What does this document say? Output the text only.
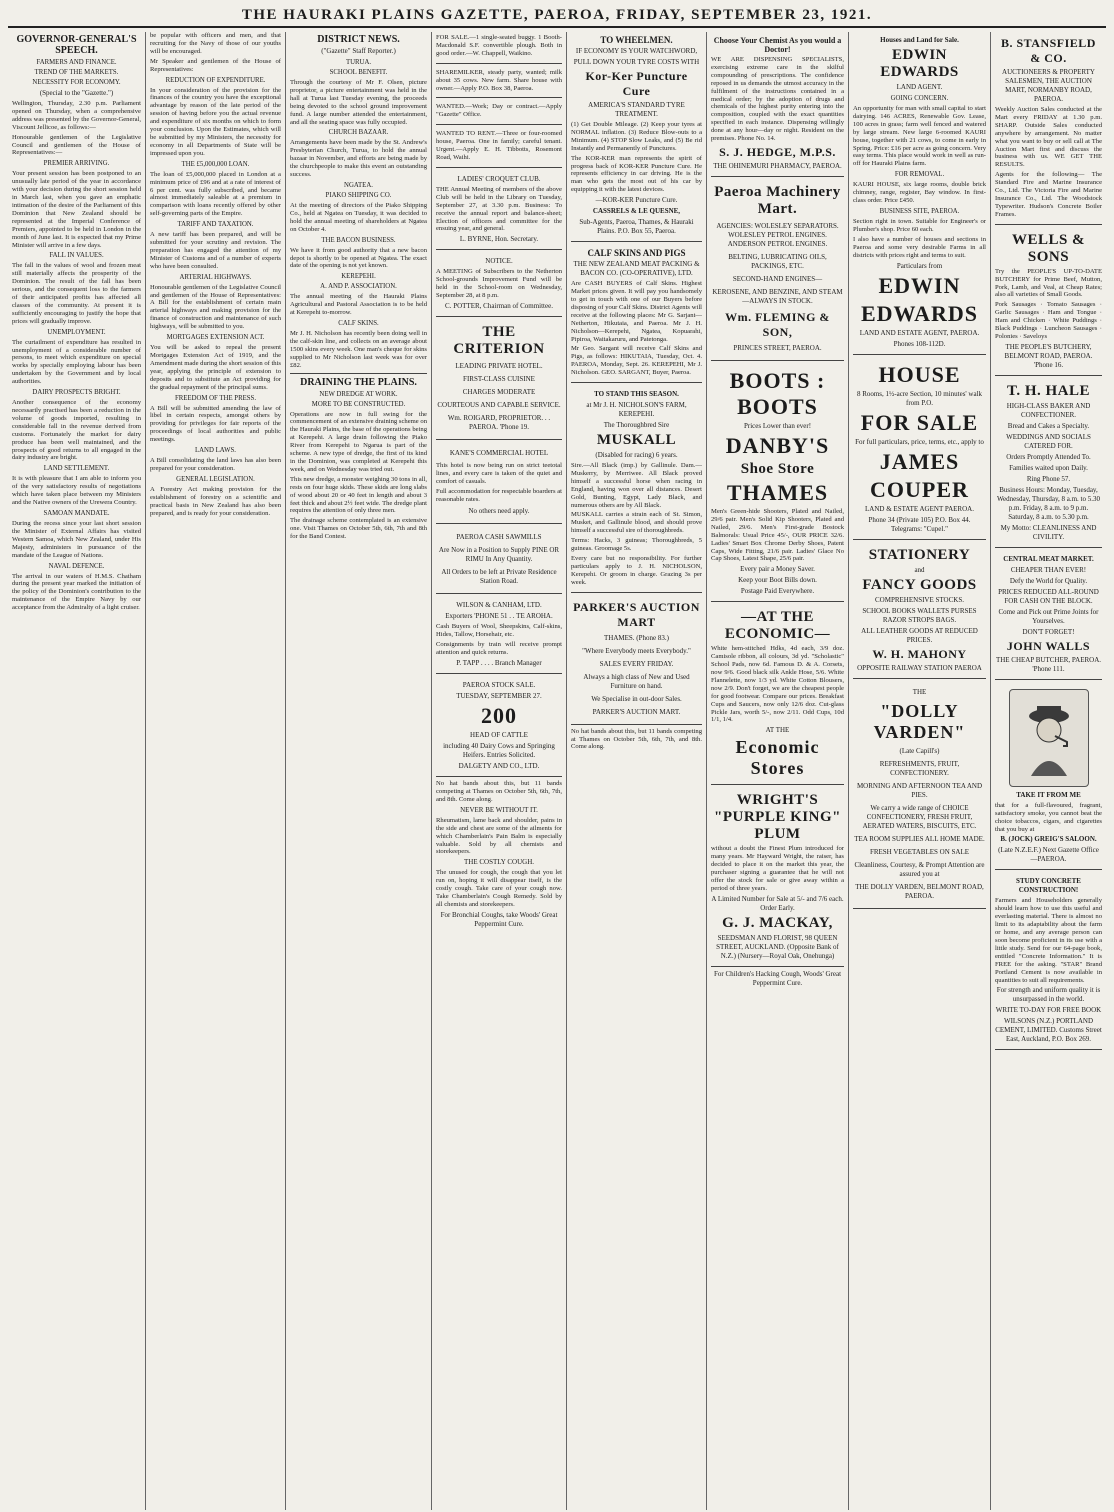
THE HAURAKI PLAINS GAZETTE, PAEROA, FRIDAY, SEPTEMBER 23, 1921.
GOVERNOR-GENERAL'S SPEECH.
FARMERS AND FINANCE.
TREND OF THE MARKETS.
NECESSITY FOR ECONOMY.
(Special to the "Gazette.")

Wellington, Thursday, 2.30 p.m. Parliament opened on Thursday, when a comprehensive address was presented by the Governor-General, Viscount Jellicoe, as follows:—

Honourable gentlemen of the Legislative Council and gentlemen of the House of Representatives:—

PREMIER ARRIVING.

Your present session has been postponed to an unusually late period of the year in accordance with your decision during the short session held in March last, when you gave an emphatic intimation of the desire of the Parliament of this Dominion that New Zealand should be represented at the Imperial Conference of Premiers, appointed to be held in London in the month of June last. It is expected that my Prime Minister will arrive in a few days.

FALL IN VALUES.

The fall in the values of wool and frozen meat still materially affects the prosperity of the Dominion. The result of the fall has been serious, and the consequent loss to the farmers of their anticipated profits has affected all classes of the community. At present it is sufficiently encouraging to justify the hope that prices will gradually improve.

UNEMPLOYMENT.

The curtailment of expenditure has resulted in unemployment of a considerable number of persons, to meet which expenditure on special works by specially employing labour has been undertaken by the Government and by local authorities.

DAIRY PROSPECTS BRIGHT.

Another consequence of the economy necessarily practised has been a reduction in the volume of goods imported, resulting in considerable fall in the revenue derived from customs. Fortunately the market for dairy produce has been well maintained, and the prospects of good returns to all engaged in the dairy industry are bright.

LAND SETTLEMENT.

It is with pleasure that I am able to inform you of the very satisfactory results of negotiations which have taken place between my Ministers and the Native owners of the Urewera Country.

SAMOAN MANDATE.

During the recess since your last short session the Minister of External Affairs has visited Western Samoa, which New Zealand, under His Majesty, administers in pursuance of the mandate of the League of Nations.

NAVAL DEFENCE.

The arrival in our waters of H.M.S. Chatham during the present year marked the initiation of the policy of the Dominion's contribution to the maintenance of the Empire Navy by our acceptance from the Admiralty of a light cruiser.

be popular with officers and men, and that recruiting for the Navy of those of our youths will be encouraged.

Mr Speaker and gentlemen of the House of Representatives:

REDUCTION OF EXPENDITURE.

In your consideration of the provision for the finances of the country you have the exceptional advantage by reason of the late period of the session of having before you the actual revenue and expenditure of six months on which to form your conclusion. Upon the Estimates, which will be submitted by my Ministers, the necessity for economy in all Departments of State will be impressed upon you.

THE £5,000,000 LOAN.

The loan of £5,000,000 placed in London at a minimum price of £96 and at a rate of interest of 6 per cent. was fully subscribed, and became almost immediately saleable at a premium in comparison with loans recently offered by other self-governing parts of the Empire.

TARIFF AND TAXATION.

A new tariff has been prepared, and will be submitted for your scrutiny and revision. The preparation has engaged the attention of my Minister of Customs and of a number of experts who have been consulted.

ARTERIAL HIGHWAYS.

Honourable gentlemen of the Legislative Council and gentlemen of the House of Representatives: A Bill for the establishment of certain main arterial highways and making provision for the finance of construction and maintenance of such highways, will be submitted to you.

MORTGAGES EXTENSION ACT.

You will be asked to repeal the present Mortgages Extension Act of 1919, and the Amendment made during the short session of this year, applying the principle of extension to deposits and to substitute an Act providing for the gradual repayment of the principal sums.

FREEDOM OF THE PRESS.

A Bill will be submitted amending the law of libel in certain respects, amongst others by providing for privileges for fair reports of the proceedings of local authorities and public meetings.

LAND LAWS.

A Bill consolidating the land laws has also been prepared for your consideration.

GENERAL LEGISLATION.

A Forestry Act making provision for the establishment of forestry on a scientific and practical basis in New Zealand has also been prepared, and is ready for your consideration.

DISTRICT NEWS.
("Gazette" Staff Reporter.)
TURUA.
SCHOOL BENEFIT.

Through the courtesy of Mr F. Olsen, picture proprietor, a picture entertainment was held in the hall at Turua last Tuesday evening, the proceeds being devoted to the school ground improvement fund. A large number attended the entertainment, and all the seating space was fully occupied.

CHURCH BAZAAR.

Arrangements have been made by the St. Andrew's Presbyterian Church, Turua, to hold the annual bazaar in November, and efforts are being made by the churchpeople to make this event an outstanding success.

NGATEA.
PIAKO SHIPPING CO.

At the meeting of directors of the Piako Shipping Co., held at Ngatea on Tuesday, it was decided to hold the annual meeting of shareholders at Ngatea on October 4.

THE BACON BUSINESS.

We have it from good authority that a new bacon depot is shortly to be opened at Ngatea. The exact date of the opening is not yet known.

KEREPEHI.
A. AND P. ASSOCIATION.

The annual meeting of the Hauraki Plains Agricultural and Pastoral Association is to be held at Kerepehi to-morrow.

CALF SKINS.

Mr J. H. Nicholson has recently been doing well in the calf-skin line, and collects on an average about 1500 skins every week. One man's cheque for skins supplied to Mr Nicholson last week was for over £82.

DRAINING THE PLAINS.
NEW DREDGE AT WORK.
MORE TO BE CONSTRUCTED.

Operations are now in full swing for the commencement of an extensive draining scheme on the Hauraki Plains, the base of the operations being at Kerepehi. A large drain following the Piako River from Kerepehi to Ngarua is part of the scheme. A new type of dredge, the first of its kind in the Dominion, was completed at Kerepehi this week, and on Wednesday was tried out.

This new dredge, a monster weighing 30 tons in all, rests on four huge skids. These skids are long slabs of wood about 20 or 40 feet in length and about 3 feet thick and about 2½ feet wide. The dredge plant requires the attention of only three men.

The drainage scheme contemplated is an extensive one. Visit Thames on October 5th, 6th, 7th and 8th for the Band Contest.

FOR SALE.—1 single-seated buggy. 1 Booth-Macdonald S.F. convertible plough. Both in good order.—W. Chappell, Waikino.

SHAREMILKER, steady party, wanted; milk about 35 cows. New farm. Share house with owner.—Apply P.O. Box 38, Paeroa.

WANTED.—Work; Day or contract.—Apply "Gazette" Office.

WANTED TO RENT.—Three or four-roomed house, Paeroa. One in family; careful tenant. Urgent.—Apply E. H. Tibbotts, Rosemont Road, Waihi.

LADIES' CROQUET CLUB.

THE Annual Meeting of members of the above Club will be held in the Library on Tuesday, September 27, at 3.30 p.m. Business: To receive the annual report and balance-sheet; Election of officers and committee for the ensuing year, and general.

L. BYRNE, Hon. Secretary.
NOTICE.

A MEETING of Subscribers to the Netherton School-grounds Improvement Fund will be held in the School-room on Wednesday, September 28, at 8 p.m.

C. POTTER, Chairman of Committee.
THE CRITERION
LEADING PRIVATE HOTEL.
FIRST-CLASS CUISINE
CHARGES MODERATE
COURTEOUS AND CAPABLE SERVICE.
Wm. ROIGARD, PROPRIETOR. . . PAEROA. 'Phone 19.
KANE'S COMMERCIAL HOTEL

This hotel is now being run on strict teetotal lines, and every care is taken of the quiet and comfort of casuals.

Full accommodation for respectable boarders at reasonable rates.

No others need apply.
PAEROA CASH SAWMILLS
Are Now in a Position to Supply PINE OR RIMU In Any Quantity.
All Orders to be left at Private Residence Station Road.
WILSON & CANHAM, LTD.
Exporters 'PHONE 51 . . TE AROHA.

Cash Buyers of Wool, Sheepskins, Calf-skins, Hides, Tallow, Horsehair, etc.

Consignments by train will receive prompt attention and quick returns.

P. TAPP . . . . Branch Manager
PAEROA STOCK SALE.
TUESDAY, SEPTEMBER 27.
200
HEAD OF CATTLE
including 40 Dairy Cows and Springing Heifers. Entries Solicited.
DALGETY AND CO., LTD.

No hat bands about this, but 11 bands competing at Thames on October 5th, 6th, 7th, and 8th. Come along.

NEVER BE WITHOUT IT.

Rheumatism, lame back and shoulder, pains in the side and chest are some of the ailments for which Chamberlain's Pain Balm is especially valuable. Sold by all chemists and storekeepers.

THE COSTLY COUGH.

The unused for cough, the cough that you let run on, hoping it will disappear itself, is the costly cough. Take care of your cough now. Take Chamberlain's Cough Remedy. Sold by all chemists and storekeepers.

For Bronchial Coughs, take Woods' Great Peppermint Cure.
TO WHEELMEN.
IF ECONOMY IS YOUR WATCHWORD,
PULL DOWN YOUR TYRE COSTS WITH
Kor-Ker Puncture Cure
AMERICA'S STANDARD TYRE TREATMENT.

(1) Get Double Mileage. (2) Keep your tyres at NORMAL inflation. (3) Reduce Blow-outs to a Minimum. (4) STOP Slow Leaks, and (5) Be rid Instantly and Permanently of Punctures.

The KOR-KER man represents the spirit of progress back of KOR-KER Puncture Cure. He represents efficiency in car driving. He is the man who gets the most out of his car by equipping it with the latest devices.

—KOR-KER Puncture Cure.
CASSRELS & LE QUESNE,
Sub-Agents, Paeroa, Thames, & Hauraki Plains. P.O. Box 55, Paeroa.
CALF SKINS AND PIGS
THE NEW ZEALAND MEAT PACKING & BACON CO. (CO-OPERATIVE), LTD.

Are CASH BUYERS of Calf Skins. Highest Market prices given. It will pay you handsomely to get in touch with one of our Buyers before disposing of your Calf Skins. District Agents will receive at the following places: Mr G. Sarjant—Netherton, Hikutaia, and Paeroa. Mr J. H. Nicholson—Kerepehi, Ngatea, Kopuarahi, Pipiroa, Waitakaruru, and Patetonga.

Mr Geo. Sargant will receive Calf Skins and Pigs, as follows: HIKUTAIA, Tuesday, Oct. 4. PAEROA, Monday, Sept. 26. KEREPEHI, Mr J. Nicholson. GEO. SARGANT, Buyer, Paeroa.

TO STAND THIS SEASON.
at Mr J. H. NICHOLSON'S FARM, KEREPEHI.
The Thoroughbred Sire
MUSKALL
(Disabled for racing) 6 years.

Sire.—All Black (imp.) by Gallinule. Dam.—Muskerry, by Merriwee. All Black proved himself a successful horse when racing in England, having won over all distances. Desert Gold, Bunting, Egypt, Lady Black, and numerous others are by All Black.

MUSKALL carries a strain each of St. Simon, Musket, and Gallinule blood, and should prove himself a successful sire of thoroughbreds.

Terms: Hacks, 3 guineas; Thoroughbreds, 5 guineas. Groomage 5s.

Every care but no responsibility. For further particulars apply to J. H. NICHOLSON, Kerepehi. Or groom in charge. Grazing 3s per week.

PARKER'S AUCTION MART
THAMES. (Phone 83.)
"Where Everybody meets Everybody."
SALES EVERY FRIDAY.
Always a high class of New and Used Furniture on hand.
We Specialise in out-door Sales.
PARKER'S AUCTION MART.

No hat bands about this, but 11 bands competing at Thames on October 5th, 6th, 7th, and 8th. Come along.

Choose Your Chemist As you would a Doctor!

WE ARE DISPENSING SPECIALISTS, exercising extreme care in the skilful compounding of prescriptions. The confidence reposed in us demands the utmost accuracy in the fulfilment of the instructions contained in a medical order; by the adoption of drugs and chemicals of the highest purity entering into the composition, coupled with the exact quantities specified in each instance. Dispensing willingly done at any hour—day or night. Resident on the premises. Phone No. 14.

S. J. HEDGE, M.P.S.
THE OHINEMURI PHARMACY, PAEROA.
Paeroa Machinery Mart.
AGENCIES: WOLESLEY SEPARATORS. WOLESLEY PETROL ENGINES. ANDERSON PETROL ENGINES.
BELTING, LUBRICATING OILS, PACKINGS, ETC.
SECOND-HAND ENGINES—
KEROSENE, AND BENZINE, AND STEAM—ALWAYS IN STOCK.
Wm. FLEMING & SON,
PRINCES STREET, PAEROA.
BOOTS : BOOTS
Prices Lower than ever!
DANBY'S
Shoe Store
THAMES

Men's Green-hide Shooters, Plated and Nailed, 29/6 pair. Men's Solid Kip Shooters, Plated and Nailed, 29/6. Men's First-grade Bostock Balmorals: Usual Price 45/-, OUR PRICE 32/6. Ladies' Smart Box Chrome Derby Shoes, Patent Caps, Wide Fitting, 21/6 pair. Ladies' Glace No Cap Shoes, Latest Shape, 25/6 pair.

Every pair a Money Saver.
Keep your Boot Bills down.
Postage Paid Everywhere.
—AT THE ECONOMIC—

White hem-stitched Hdks, 4d each, 3/9 doz. Camisole ribbon, all colours, 3d yd. "Scholastic" School Pads, now 6d. Famous D. & A. Corsets, now 9/6. Good black silk Ankle Hose, 5/6. White Flannelette, now 1/3 yd. White Cotton Blousers, now 2/9. Don't forget, we are the cheapest people for good footwear. Compare our prices. Breakfast Cups and Saucers, now only 12/6 doz. Cut-glass Pickle Jars, worth 5/-, now 2/11. Odd Cups, 10d 1/1, 1/4.

AT THE
Economic Stores
WRIGHT'S "PURPLE KING" PLUM

without a doubt the Finest Plum introduced for many years. Mr Hayward Wright, the raiser, has decided to place it on the market this year, the purchaser signing a guarantee that he will not offer the stock for sale or give away within a period of three years.

A Limited Number for Sale at 5/- and 7/6 each. Order Early.
G. J. MACKAY,
SEEDSMAN AND FLORIST, 98 QUEEN STREET, AUCKLAND. (Opposite Bank of N.Z.) (Nursery—Royal Oak, Onehunga)
For Children's Hacking Cough, Woods' Great Peppermint Cure.
Houses and Land for Sale.
EDWIN EDWARDS
LAND AGENT.
GOING CONCERN.

An opportunity for man with small capital to start dairying. 146 ACRES, Renewable Gov. Lease, 100 acres in grass; farm well fenced and watered by large stream. New large 6-roomed KAURI house, together with 21 cows, to come in early in Spring. Price: £16 per acre as going concern. Very easy terms. This place would work in well as run-off for Hauraki Plains farm.

FOR REMOVAL.

KAURI HOUSE, six large rooms, double brick chimney, range, register, Bay window. In first-class order. Price £450.

BUSINESS SITE, PAEROA.

Section right in town. Suitable for Engineer's or Plumber's shop. Price 60 each.

I also have a number of houses and sections in Paeroa and some very desirable Farms in all districts with prices right and terms to suit.

Particulars from
EDWIN
EDWARDS
LAND AND ESTATE AGENT, PAEROA.
Phones 108-112D.
HOUSE
8 Rooms, 1½-acre Section, 10 minutes' walk from P.O.
FOR SALE
For full particulars, price, terms, etc., apply to
JAMES
COUPER
LAND & ESTATE AGENT PAEROA.
Phone 34 (Private 105) P.O. Box 44. Telegrams: "Cupel."
STATIONERY
and
FANCY GOODS
COMPREHENSIVE STOCKS.
SCHOOL BOOKS WALLETS PURSES RAZOR STROPS BAGS.
ALL LEATHER GOODS AT REDUCED PRICES.
W. H. MAHONY
OPPOSITE RAILWAY STATION PAEROA
THE
"DOLLY VARDEN"
(Late Capill's)
REFRESHMENTS, FRUIT, CONFECTIONERY.
MORNING AND AFTERNOON TEA AND PIES.
We carry a wide range of CHOICE CONFECTIONERY, FRESH FRUIT, AERATED WATERS, BISCUITS, ETC.
TEA ROOM SUPPLIES ALL HOME MADE.
FRESH VEGETABLES ON SALE
Cleanliness, Courtesy, & Prompt Attention are assured you at
THE DOLLY VARDEN, BELMONT ROAD, PAEROA.
B. STANSFIELD & CO.
AUCTIONEERS & PROPERTY SALESMEN, THE AUCTION MART, NORMANBY ROAD, PAEROA.

Weekly Auction Sales conducted at the Mart every FRIDAY at 1.30 p.m. SHARP. Outside Sales conducted anywhere by arrangement. No matter what you want to buy or sell call at The Auction Mart first and discuss the business with us. WE GET THE RESULTS.

Agents for the following— The Standard Fire and Marine Insurance Co., Ltd. The Victoria Fire and Marine Insurance Co., Ltd. The Woodstock Typewriter. Hudson's Concrete Boiler Frames.

WELLS & SONS

Try the PEOPLE'S UP-TO-DATE BUTCHERY for Prime Beef, Mutton, Pork, Lamb, and Veal, at Cheap Rates; also all varieties of Small Goods.

Pork Sausages · Tomato Sausages · Garlic Sausages · Ham and Tongue · Ham and Chicken · White Puddings · Black Puddings · Luncheon Sausages · Polonies · Saveloys

THE PEOPLE'S BUTCHERY, BELMONT ROAD, PAEROA. 'Phone 16.
T. H. HALE
HIGH-CLASS BAKER AND CONFECTIONER.
Bread and Cakes a Specialty.
WEDDINGS AND SOCIALS CATERED FOR.
Orders Promptly Attended To.
Families waited upon Daily.
Ring Phone 57.
Business Hours: Monday, Tuesday, Wednesday, Thursday, 8 a.m. to 5.30 p.m. Friday, 8 a.m. to 9 p.m. Saturday, 8 a.m. to 5.30 p.m.
My Motto: CLEANLINESS AND CIVILITY.
CENTRAL MEAT MARKET.
CHEAPER THAN EVER!
Defy the World for Quality.
PRICES REDUCED ALL-ROUND FOR CASH ON THE BLOCK.
Come and Pick out Prime Joints for Yourselves.
DON'T FORGET!
JOHN WALLS
THE CHEAP BUTCHER, PAEROA. 'Phone 111.
TAKE IT FROM ME

that for a full-flavoured, fragrant, satisfactory smoke, you cannot beat the choice tobaccos, cigars, and cigarettes that you buy at

B. (JOCK) GREIG'S SALOON.
(Late N.Z.E.F.) Next Gazette Office—PAEROA.
STUDY CONCRETE CONSTRUCTION!

Farmers and Householders generally should learn how to use this useful and everlasting material. There is almost no limit to its adaptability about the farm or home, and any average person can soon become proficient in its use with a little study. Send for our 64-page book, entitled "Concrete Information." It is FREE for the asking. "STAR" Brand Portland Cement is now available in quantities to suit all requirements.

For strength and uniform quality it is unsurpassed in the world.
WRITE TO-DAY FOR FREE BOOK
WILSONS (N.Z.) PORTLAND CEMENT, LIMITED. Customs Street East, Auckland, P.O. Box 269.
